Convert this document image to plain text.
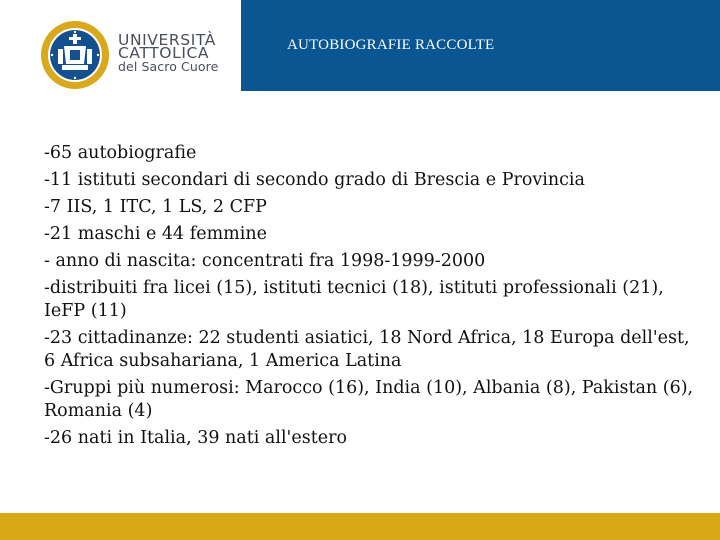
UNIVERSITÀ
CATTOLICA
del Sacro Cuore
AUTOBIOGRAFIE RACCOLTE
-65 autobiografie
-11 istituti secondari di secondo grado di Brescia e Provincia
-7 IIS, 1 ITC, 1 LS, 2 CFP
-21 maschi e 44 femmine
- anno di nascita: concentrati fra 1998-1999-2000
-distribuiti fra licei (15), istituti tecnici (18), istituti professionali (21), IeFP (11)
-23 cittadinanze: 22 studenti asiatici, 18 Nord Africa, 18 Europa dell'est, 6 Africa subsahariana, 1 America Latina
-Gruppi più numerosi: Marocco (16), India (10), Albania (8), Pakistan (6), Romania (4)
-26 nati in Italia, 39 nati all'estero
